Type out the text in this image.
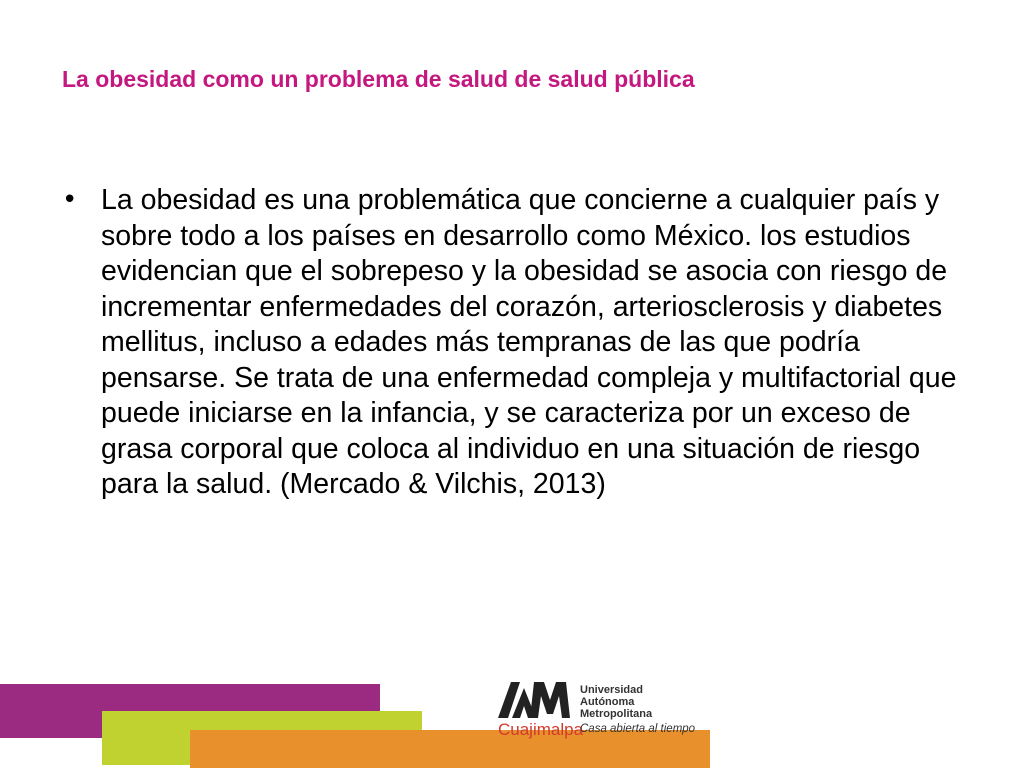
La obesidad como un problema de salud de salud pública
• La obesidad es una problemática que concierne a cualquier país y sobre todo a los países en desarrollo como México. los estudios evidencian que el sobrepeso y la obesidad se asocia con riesgo de incrementar enfermedades del corazón, arteriosclerosis y diabetes mellitus, incluso a edades más tempranas de las que podría pensarse. Se trata de una enfermedad compleja y multifactorial que puede iniciarse en la infancia, y se caracteriza por un exceso de grasa corporal que coloca al individuo en una situación de riesgo para la salud. (Mercado & Vilchis, 2013)

Cuajimalpa
Universidad
Autónoma
Metropolitana
Casa abierta al tiempo
